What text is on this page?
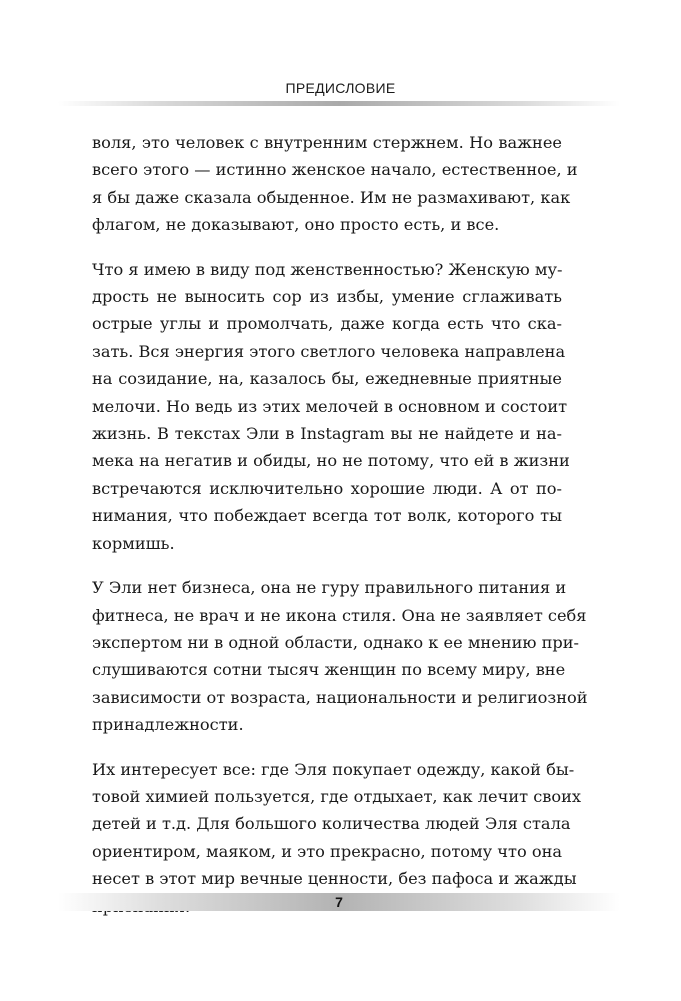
ПРЕДИСЛОВИЕ

воля, это человек с внутренним стержнем. Но важнее
всего этого — истинно женское начало, естественное, и
я бы даже сказала обыденное. Им не размахивают, как
флагом, не доказывают, оно просто есть, и все.

Что я имею в виду под женственностью? Женскую му-
дрость не выносить сор из избы, умение сглаживать
острые углы и промолчать, даже когда есть что ска-
зать. Вся энергия этого светлого человека направлена
на созидание, на, казалось бы, ежедневные приятные
мелочи. Но ведь из этих мелочей в основном и состоит
жизнь. В текстах Эли в Instagram вы не найдете и на-
мека на негатив и обиды, но не потому, что ей в жизни
встречаются исключительно хорошие люди. А от по-
нимания, что побеждает всегда тот волк, которого ты
кормишь.

У Эли нет бизнеса, она не гуру правильного питания и
фитнеса, не врач и не икона стиля. Она не заявляет себя
экспертом ни в одной области, однако к ее мнению при-
слушиваются сотни тысяч женщин по всему миру, вне
зависимости от возраста, национальности и религиозной
принадлежности.

Их интересует все: где Эля покупает одежду, какой бы-
товой химией пользуется, где отдыхает, как лечит своих
детей и т.д. Для большого количества людей Эля стала
ориентиром, маяком, и это прекрасно, потому что она
несет в этот мир вечные ценности, без пафоса и жажды

7
